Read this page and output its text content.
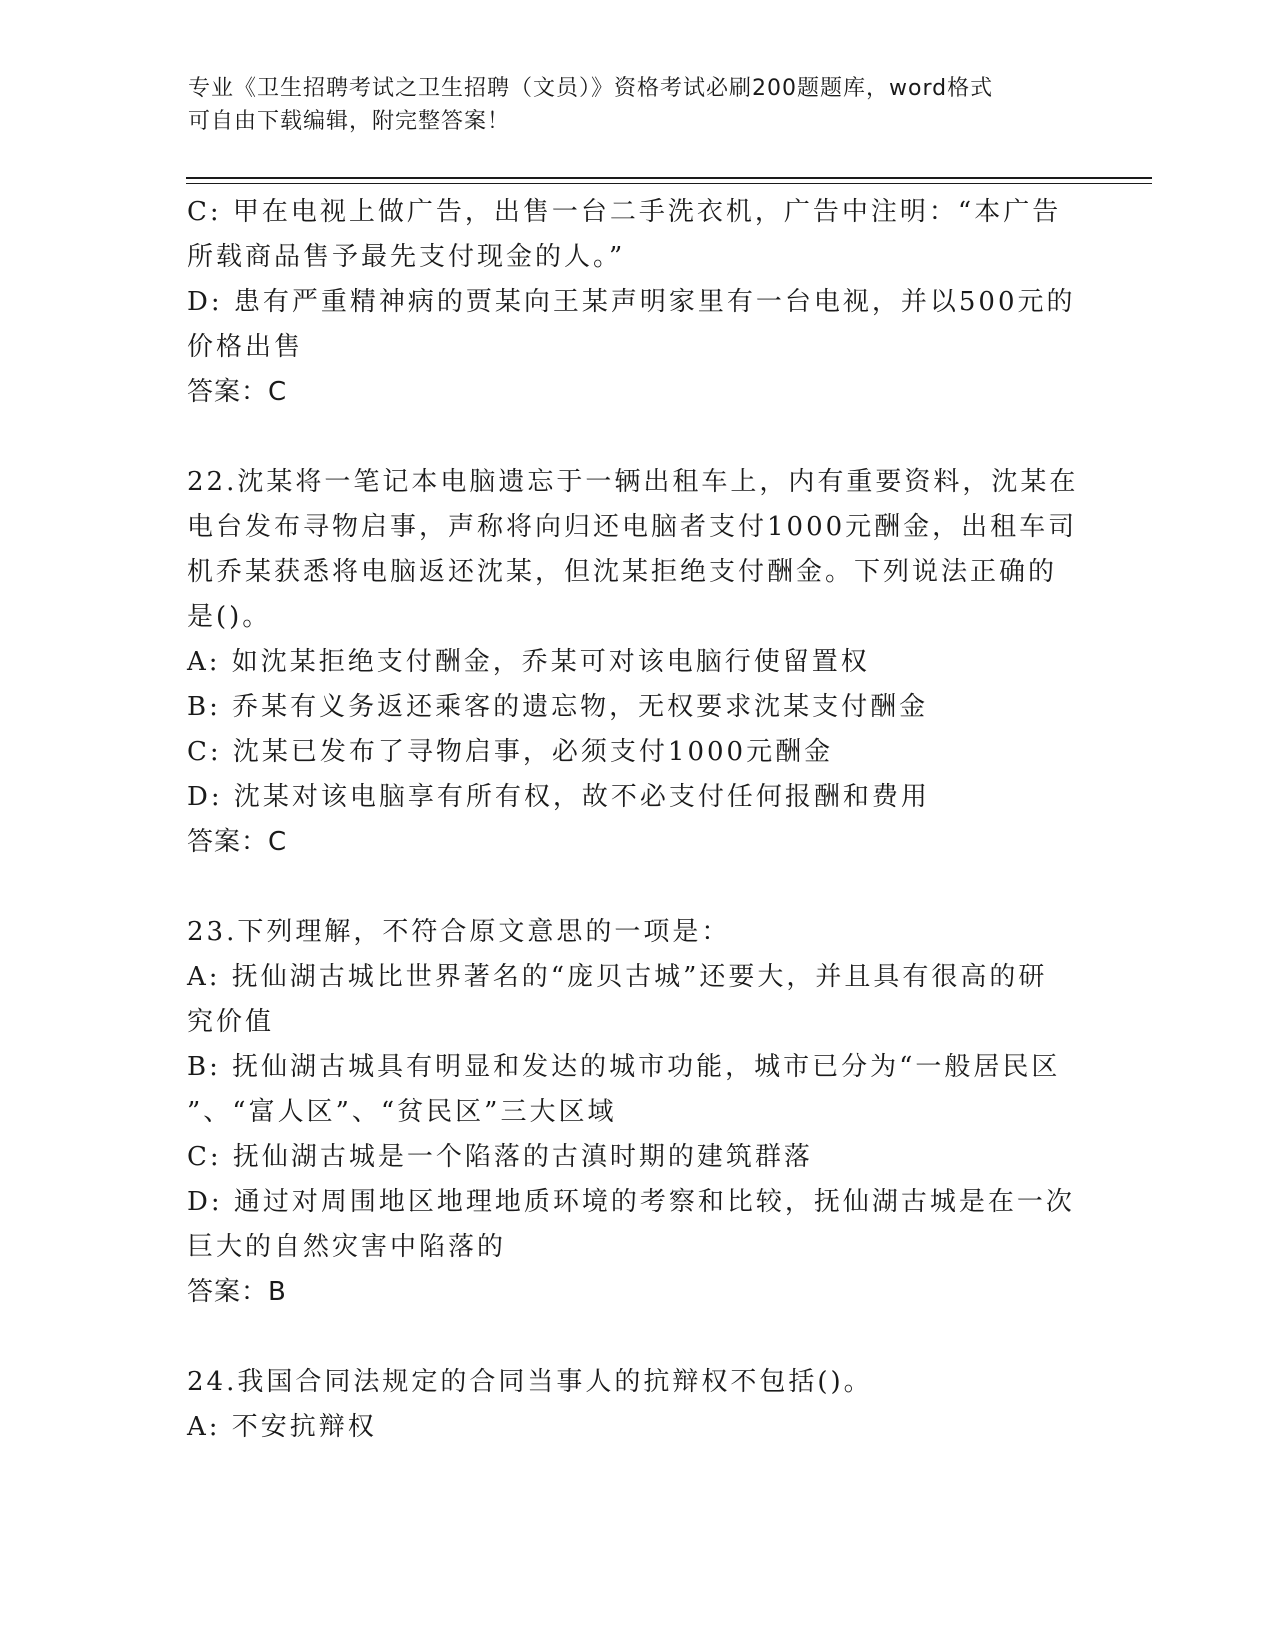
专业《卫生招聘考试之卫生招聘（文员）》资格考试必刷200题题库，word格式
可自由下载编辑，附完整答案！
C: 甲在电视上做广告，出售一台二手洗衣机，广告中注明：“本广告
所载商品售予最先支付现金的人。”
D: 患有严重精神病的贾某向王某声明家里有一台电视，并以500元的
价格出售
答案：C
22.沈某将一笔记本电脑遗忘于一辆出租车上，内有重要资料，沈某在
电台发布寻物启事，声称将向归还电脑者支付1000元酬金，出租车司
机乔某获悉将电脑返还沈某，但沈某拒绝支付酬金。下列说法正确的
是()。
A: 如沈某拒绝支付酬金，乔某可对该电脑行使留置权
B: 乔某有义务返还乘客的遗忘物，无权要求沈某支付酬金
C: 沈某已发布了寻物启事，必须支付1000元酬金
D: 沈某对该电脑享有所有权，故不必支付任何报酬和费用
答案：C
23.下列理解，不符合原文意思的一项是：
A: 抚仙湖古城比世界著名的“庞贝古城”还要大，并且具有很高的研
究价值
B: 抚仙湖古城具有明显和发达的城市功能，城市已分为“一般居民区
”、“富人区”、“贫民区”三大区域
C: 抚仙湖古城是一个陷落的古滇时期的建筑群落
D: 通过对周围地区地理地质环境的考察和比较，抚仙湖古城是在一次
巨大的自然灾害中陷落的
答案：B
24.我国合同法规定的合同当事人的抗辩权不包括()。
A: 不安抗辩权
